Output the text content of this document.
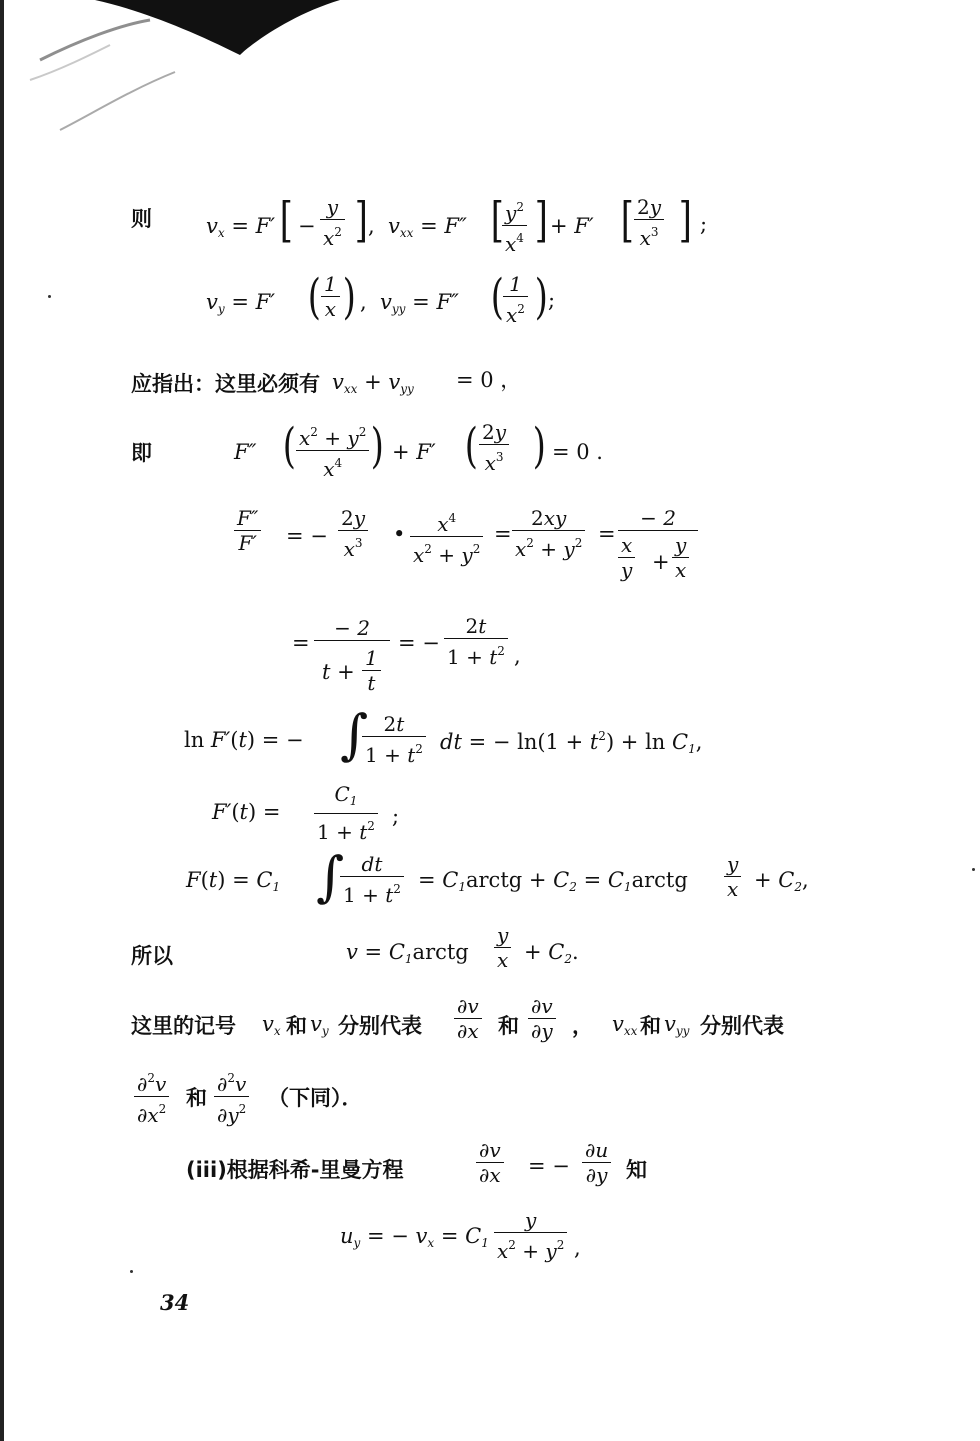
则	$v_x = F'$ [ −
y
$x^2$ ] ,  $v_{xx} = F''$ [ $y^2$
$x^4$ ] + F′ [ 2y
$x^3$ ] ;
$v_y = F'$ ( 1
x ) ,  $v_{yy} = F''$ ( 1
$x^2$ ) ;
应指出：这里必须有 $v_{xx} + v_{yy} = 0$ ，
即	F″ ( $x^2 + y^2$
$x^4$ ) + F′ ( 2y
$x^3$ ) = 0 .
F″
F′ = −
2y
$x^3$ • $x^4$
$x^2 + y^2$
=
2xy
$x^2 + y^2$ =
− 2
x
y +
y
x
=
− 2
t +
1
t
= −
2t
$1 + t^2$ ,
ln F′(t) = − ∫ 2t
$1 + t^2$ dt = − $\ln(1 + t^2) + \ln C_1$,
F′(t) =
$C_1$
$1 + t^2$ ;
$F(t) = C_1$ ∫ dt
$1 + t^2$ = $C_1arctg + C_2$ = $C_1arctg$
y
$x + C_2$,
所以	$v = C_1arctg$
y
$x + C_2$.
这里的记号 $v_x$ 和 $v_y$ 分别代表
∂v
∂x 和
∂v
∂y ， $v_{xx}$ 和 $v_{yy}$ 分别代表
∂$^2$v
$\partial x^2$ 和
∂$^2$v
$\partial y^2$ （下同）．
(iii)根据科希-里曼方程
∂v
∂x = −
∂u
∂y 知
$u_y$ = − $v_x = C_1$
y
$x^2 + y^2$ ,
34
